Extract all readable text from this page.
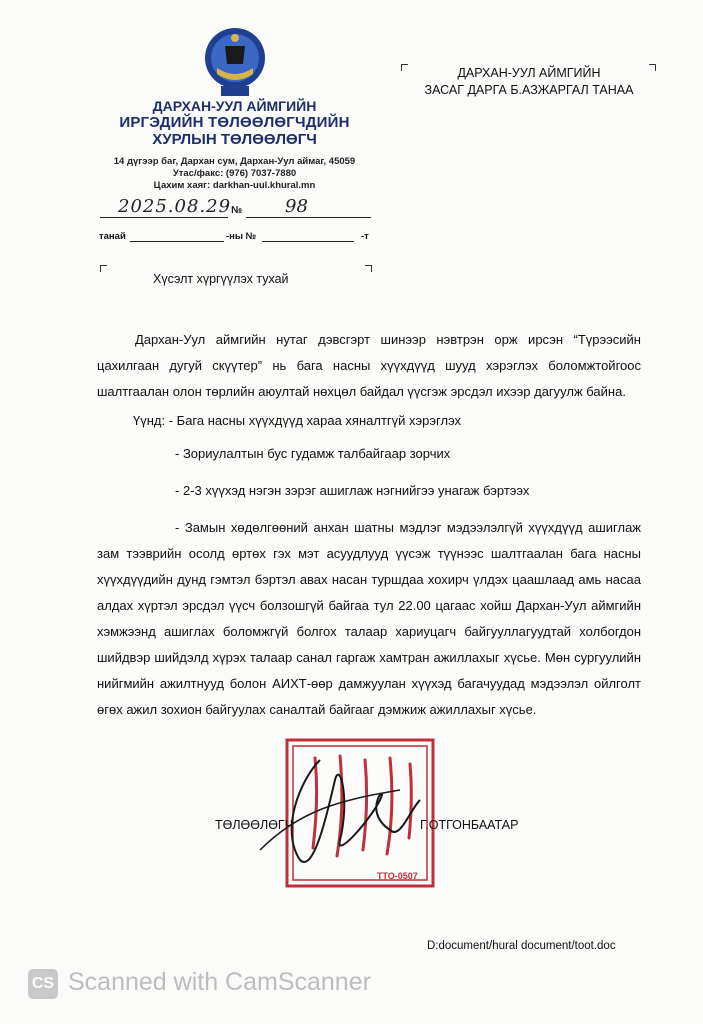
ДАРХАН-УУЛ АЙМГИЙН
ИРГЭДИЙН ТӨЛӨӨЛӨГЧДИЙН
ХУРЛЫН ТӨЛӨӨЛӨГЧ
14 дүгээр баг, Дархан сум, Дархан-Уул аймаг, 45059
Утас/факс: (976) 7037-7880
Цахим хаяг: darkhan-uul.khural.mn
2025.08.29 № 98
танай	-ны №	-т
ДАРХАН-УУЛ АЙМГИЙН
ЗАСАГ ДАРГА Б.АЗЖАРГАЛ ТАНАА
Хүсэлт хүргүүлэх тухай
Дархан-Уул аймгийн нутаг дэвсгэрт шинээр нэвтрэн орж ирсэн “Түрээсийн цахилгаан дугуй скүүтер” нь бага насны хүүхдүүд шууд хэрэглэх боломжтойгоос шалтгаалан олон төрлийн аюултай нөхцөл байдал үүсгэж эрсдэл ихээр дагуулж байна.
Үүнд: - Бага насны хүүхдүүд хараа хяналтгүй хэрэглэх
- Зориулалтын бус гудамж талбайгаар зорчих
- 2-3 хүүхэд нэгэн зэрэг ашиглаж нэгнийгээ унагаж бэртээх
- Замын хөдөлгөөний анхан шатны мэдлэг мэдээлэлгүй хүүхдүүд ашиглаж зам тээврийн осолд өртөх гэх мэт асуудлууд үүсэж түүнээс шалтгаалан бага насны хүүхдүүдийн дунд гэмтэл бэртэл авах насан туршдаа хохирч үлдэх цаашлаад амь насаа алдах хүртэл эрсдэл үүсч болзошгүй байгаа тул 22.00 цагаас хойш Дархан-Уул аймгийн хэмжээнд ашиглах боломжгүй болгох талаар хариуцагч байгууллагуудтай холбогдон шийдвэр шийдэлд хүрэх талаар санал гаргаж хамтран ажиллахыг хүсье. Мөн сургуулийн нийгмийн ажилтнууд болон АИХТ-өөр дамжуулан хүүхэд багачуудад мэдээлэл ойлголт өгөх ажил зохион байгуулах саналтай байгааг дэмжиж ажиллахыг хүсье.
ТТО-0507
ТӨЛӨӨЛӨГЧ	Г.ОТГОНБААТАР
D:document/hural document/toot.doc
CS Scanned with CamScanner
